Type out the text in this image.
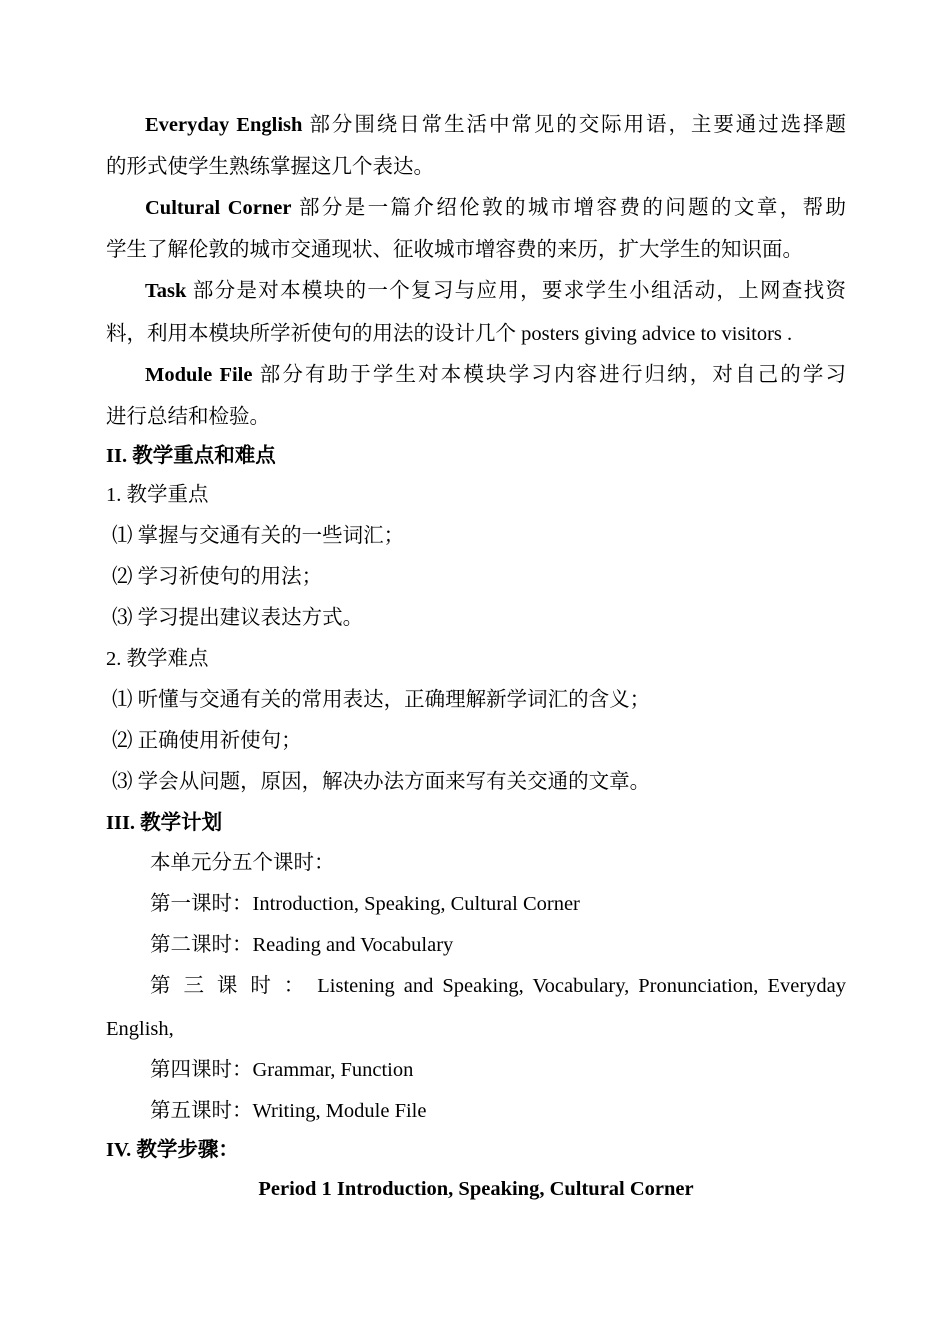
Everyday English 部分围绕日常生活中常见的交际用语，主要通过选择题
的形式使学生熟练掌握这几个表达。
Cultural Corner 部分是一篇介绍伦敦的城市增容费的问题的文章，帮助
学生了解伦敦的城市交通现状、征收城市增容费的来历，扩大学生的知识面。
Task 部分是对本模块的一个复习与应用，要求学生小组活动，上网查找资
料，利用本模块所学祈使句的用法的设计几个 posters giving advice to visitors .
Module File 部分有助于学生对本模块学习内容进行归纳，对自己的学习
进行总结和检验。
II. 教学重点和难点
1. 教学重点
⑴ 掌握与交通有关的一些词汇；
⑵ 学习祈使句的用法；
⑶ 学习提出建议表达方式。
2. 教学难点
⑴ 听懂与交通有关的常用表达，正确理解新学词汇的含义；
⑵ 正确使用祈使句；
⑶ 学会从问题，原因，解决办法方面来写有关交通的文章。
III. 教学计划
本单元分五个课时：
第一课时：Introduction, Speaking, Cultural Corner
第二课时：Reading and Vocabulary
第 三 课 时 ： Listening and Speaking, Vocabulary, Pronunciation, Everyday
English,
第四课时：Grammar, Function
第五课时：Writing, Module File
IV. 教学步骤：
Period 1 Introduction, Speaking, Cultural Corner
